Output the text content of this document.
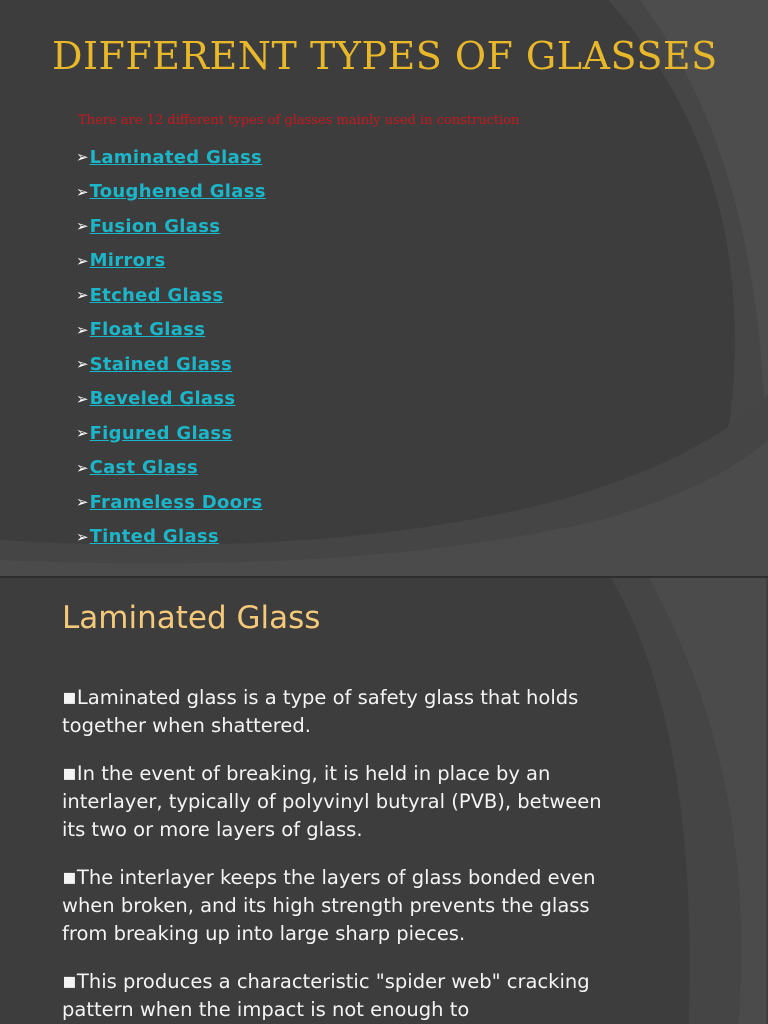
DIFFERENT TYPES OF GLASSES

There are 12 different types of glasses mainly used in construction

➢ Laminated Glass
➢ Toughened Glass
➢ Fusion Glass
➢ Mirrors
➢ Etched Glass
➢ Float Glass
➢ Stained Glass
➢ Beveled Glass
➢ Figured Glass
➢ Cast Glass
➢ Frameless Doors
➢ Tinted Glass
Laminated Glass
▪Laminated glass is a type of safety glass that holds together when shattered.
▪In the event of breaking, it is held in place by an interlayer, typically of polyvinyl butyral (PVB), between its two or more layers of glass.
▪The interlayer keeps the layers of glass bonded even when broken, and its high strength prevents the glass from breaking up into large sharp pieces.
▪This produces a characteristic "spider web" cracking pattern when the impact is not enough to
